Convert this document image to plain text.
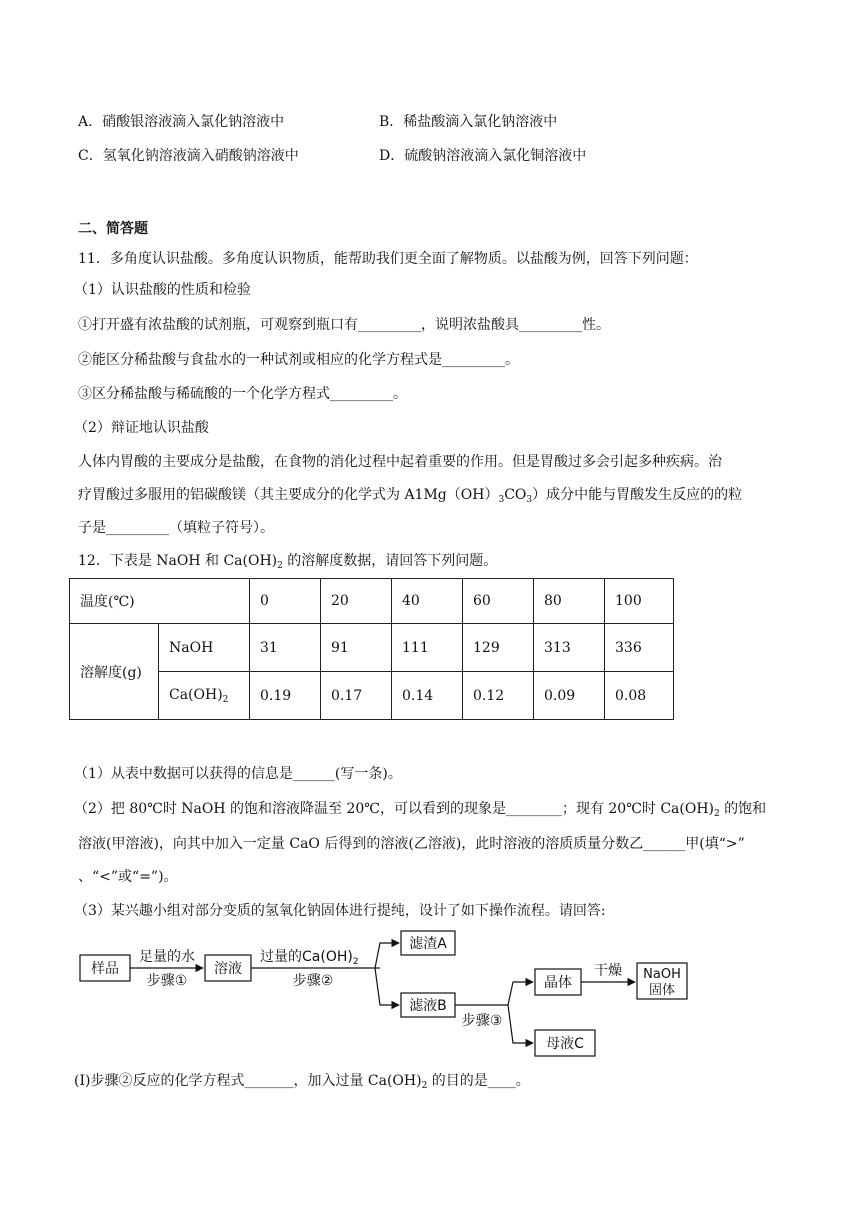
A．硝酸银溶液滴入氯化钠溶液中	B．稀盐酸滴入氯化钠溶液中
C．氢氧化钠溶液滴入硝酸钠溶液中	D．硫酸钠溶液滴入氯化铜溶液中
二、简答题
11．多角度认识盐酸。多角度认识物质，能帮助我们更全面了解物质。以盐酸为例，回答下列问题：
（1）认识盐酸的性质和检验
①打开盛有浓盐酸的试剂瓶，可观察到瓶口有_________，说明浓盐酸具_________性。
②能区分稀盐酸与食盐水的一种试剂或相应的化学方程式是_________。
③区分稀盐酸与稀硫酸的一个化学方程式_________。
（2）辩证地认识盐酸
人体内胃酸的主要成分是盐酸，在食物的消化过程中起着重要的作用。但是胃酸过多会引起多种疾病。治
疗胃酸过多服用的铝碳酸镁（其主要成分的化学式为 $A1Mg(OH)_3CO_3$）成分中能与胃酸发生反应的的粒
子是_________（填粒子符号）。
12．下表是 NaOH 和 $Ca(OH)_2$ 的溶解度数据，请回答下列问题。
温度(℃)		0	20	40	60	80	100
溶解度(g)	NaOH	31	91	111	129	313	336
	$Ca(OH)_2$	0.19	0.17	0.14	0.12	0.09	0.08
（1）从表中数据可以获得的信息是______(写一条)。
（2）把 80℃时 NaOH 的饱和溶液降温至 20℃，可以看到的现象是________；现有 20℃时 $Ca(OH)_2$ 的饱和
溶液(甲溶液)，向其中加入一定量 CaO 后得到的溶液(乙溶液)，此时溶液的溶质质量分数乙______甲(填“>”
、“<”或“=”)。
（3）某兴趣小组对部分变质的氢氧化钠固体进行提纯，设计了如下操作流程。请回答:
样品
足量的水
步骤①
溶液
过量的$Ca(OH)_2$
步骤②
滤渣A
滤液B
步骤③
晶体
干燥 NaOH
固体
母液C
(Ⅰ)步骤②反应的化学方程式_______，加入过量 $Ca(OH)_2$ 的目的是____。
